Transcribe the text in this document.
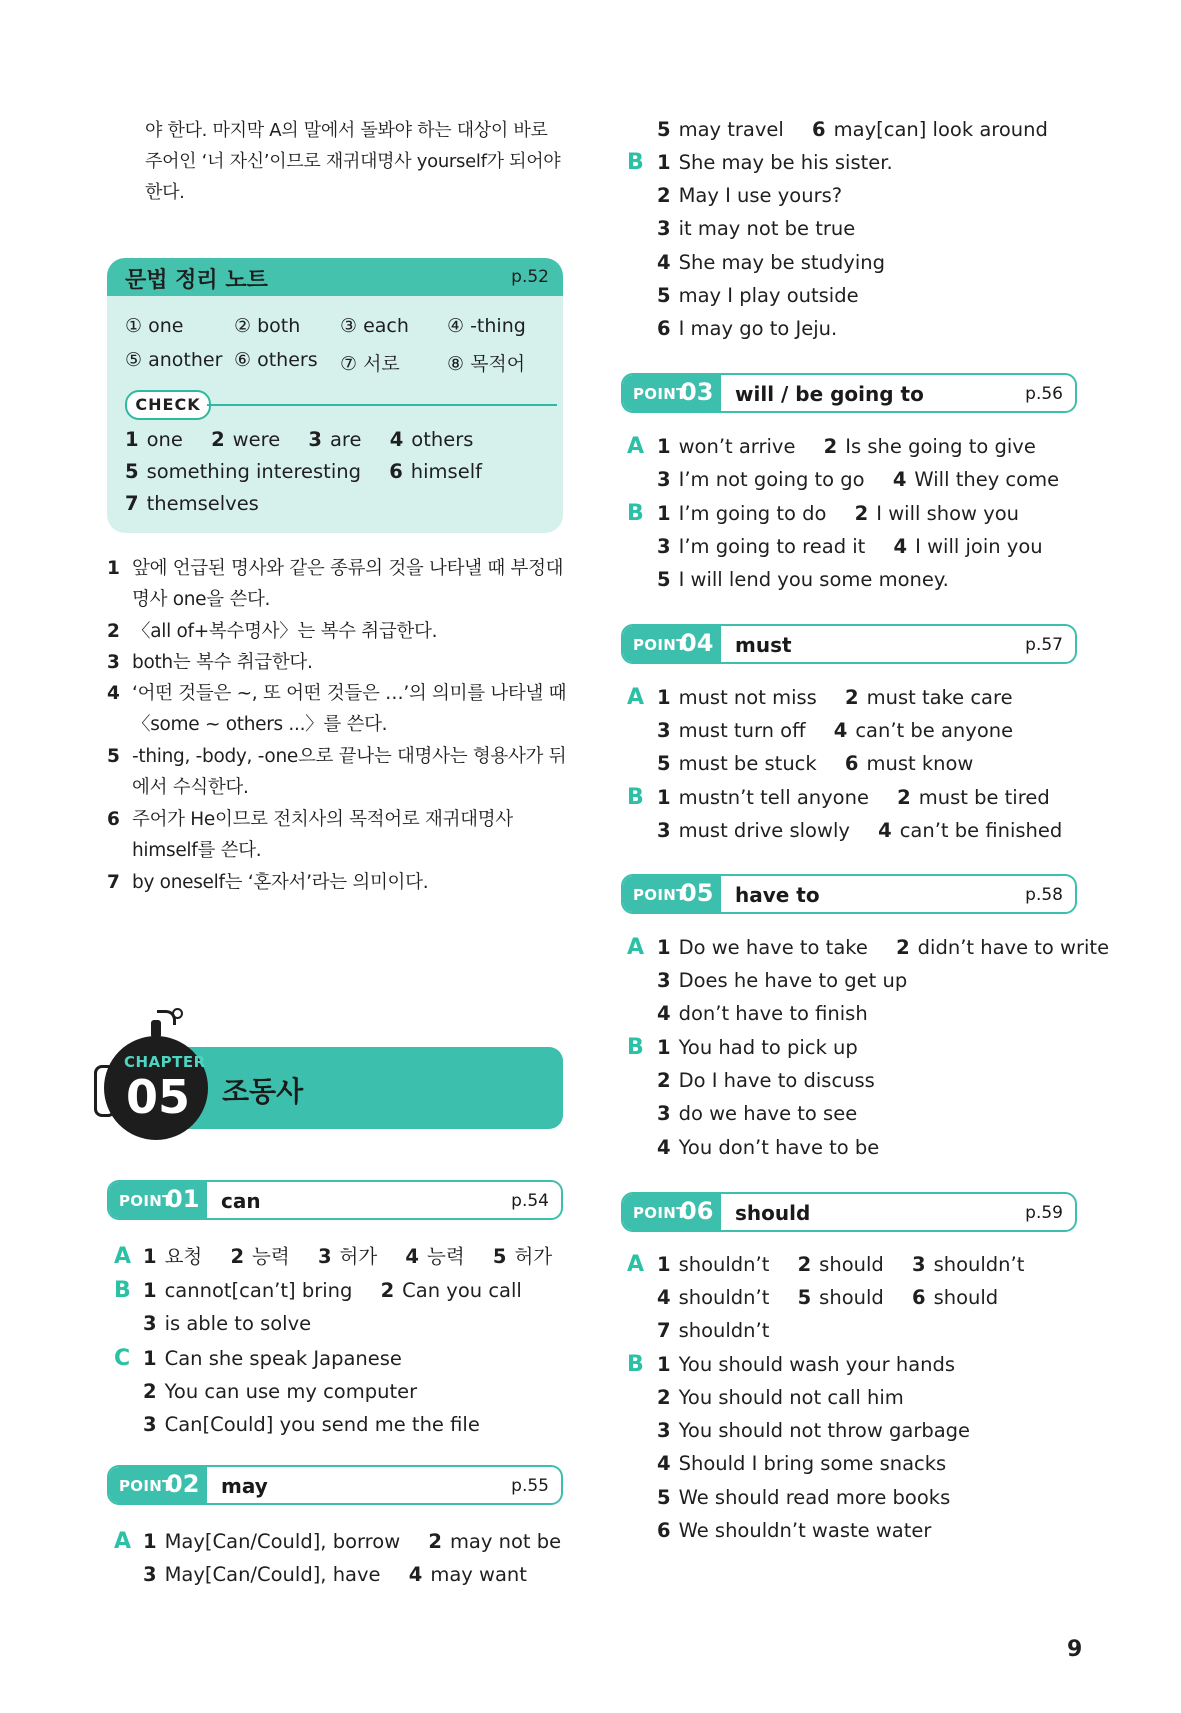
야 한다. 마지막 A의 말에서 돌봐야 하는 대상이 바로 주어인 ‘너 자신’이므로 재귀대명사 yourself가 되어야 한다.
문법 정리 노트	p.52
① one	② both ③ each ④ -thing
⑤ another ⑥ others ⑦ 서로 ⑧ 목적어
CHECK
1 one 2 were 3 are 4 others
5 something interesting 6 himself
7 themselves
1 앞에 언급된 명사와 같은 종류의 것을 나타낼 때 부정대명사 one을 쓴다.
2 〈all of+복수명사〉는 복수 취급한다.
3 both는 복수 취급한다.
4 ‘어떤 것들은 ~, 또 어떤 것들은 …’의 의미를 나타낼 때 〈some ~ others ...〉를 쓴다.
5 -thing, -body, -one으로 끝나는 대명사는 형용사가 뒤에서 수식한다.
6 주어가 He이므로 전치사의 목적어로 재귀대명사 himself를 쓴다.
7 by oneself는 ‘혼자서’라는 의미이다.
CHAPTER
05 조동사
POINT
01 can	p.54
A 1 요청 2 능력 3 허가 4 능력 5 허가
B 1 cannot[can’t] bring 2 Can you call
3 is able to solve
C 1 Can she speak Japanese
2 You can use my computer
3 Can[Could] you send me the file
POINT
02 may	p.55
A 1 May[Can/Could], borrow 2 may not be
3 May[Can/Could], have 4 may want
5 may travel 6 may[can] look around
B 1 She may be his sister.
2 May I use yours?
3 it may not be true
4 She may be studying
5 may I play outside
6 I may go to Jeju.
POINT
03 will / be going to	p.56
A 1 won’t arrive 2 Is she going to give
3 I’m not going to go 4 Will they come
B 1 I’m going to do 2 I will show you
3 I’m going to read it 4 I will join you
5 I will lend you some money.
POINT
04 must	p.57
A 1 must not miss 2 must take care
3 must turn off 4 can’t be anyone
5 must be stuck 6 must know
B 1 mustn’t tell anyone 2 must be tired
3 must drive slowly 4 can’t be finished
POINT
05 have to	p.58
A 1 Do we have to take 2 didn’t have to write
3 Does he have to get up
4 don’t have to finish
B 1 You had to pick up
2 Do I have to discuss
3 do we have to see
4 You don’t have to be
POINT
06 should	p.59
A 1 shouldn’t 2 should 3 shouldn’t
4 shouldn’t 5 should 6 should
7 shouldn’t
B 1 You should wash your hands
2 You should not call him
3 You should not throw garbage
4 Should I bring some snacks
5 We should read more books
6 We shouldn’t waste water
9
